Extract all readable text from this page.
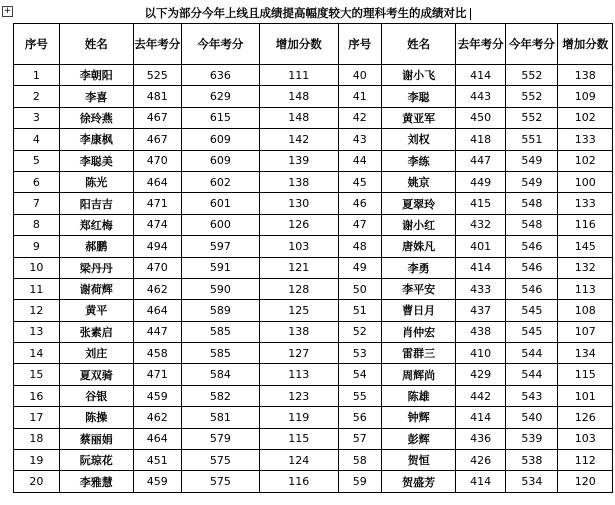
+	以下为部分今年上线且成绩提高幅度较大的理科考生的成绩对比
序号	姓名	去年考分	今年考分	增加分数	序号	姓名	去年考分	今年考分	增加分数
1	李朝阳	525	636	111	40	谢小飞	414	552	138
2	李喜	481	629	148	41	李聪	443	552	109
3	徐玲燕	467	615	148	42	黄亚军	450	552	102
4	李康枫	467	609	142	43	刘权	418	551	133
5	李聪美	470	609	139	44	李练	447	549	102
6	陈光	464	602	138	45	姚京	449	549	100
7	阳吉吉	471	601	130	46	夏翠玲	415	548	133
8	郑红梅	474	600	126	47	谢小红	432	548	116
9	郝鹏	494	597	103	48	唐姝凡	401	546	145
10	梁丹丹	470	591	121	49	李勇	414	546	132
11	谢荷辉	462	590	128	50	李平安	433	546	113
12	黄平	464	589	125	51	曹日月	437	545	108
13	张素启	447	585	138	52	肖仲宏	438	545	107
14	刘庄	458	585	127	53	雷群三	410	544	134
15	夏双骑	471	584	113	54	周辉尚	429	544	115
16	谷银	459	582	123	55	陈雄	442	543	101
17	陈操	462	581	119	56	钟辉	414	540	126
18	蔡丽娟	464	579	115	57	彭辉	436	539	103
19	阮琼花	451	575	124	58	贺恒	426	538	112
20	李雅慧	459	575	116	59	贺盛芳	414	534	120
